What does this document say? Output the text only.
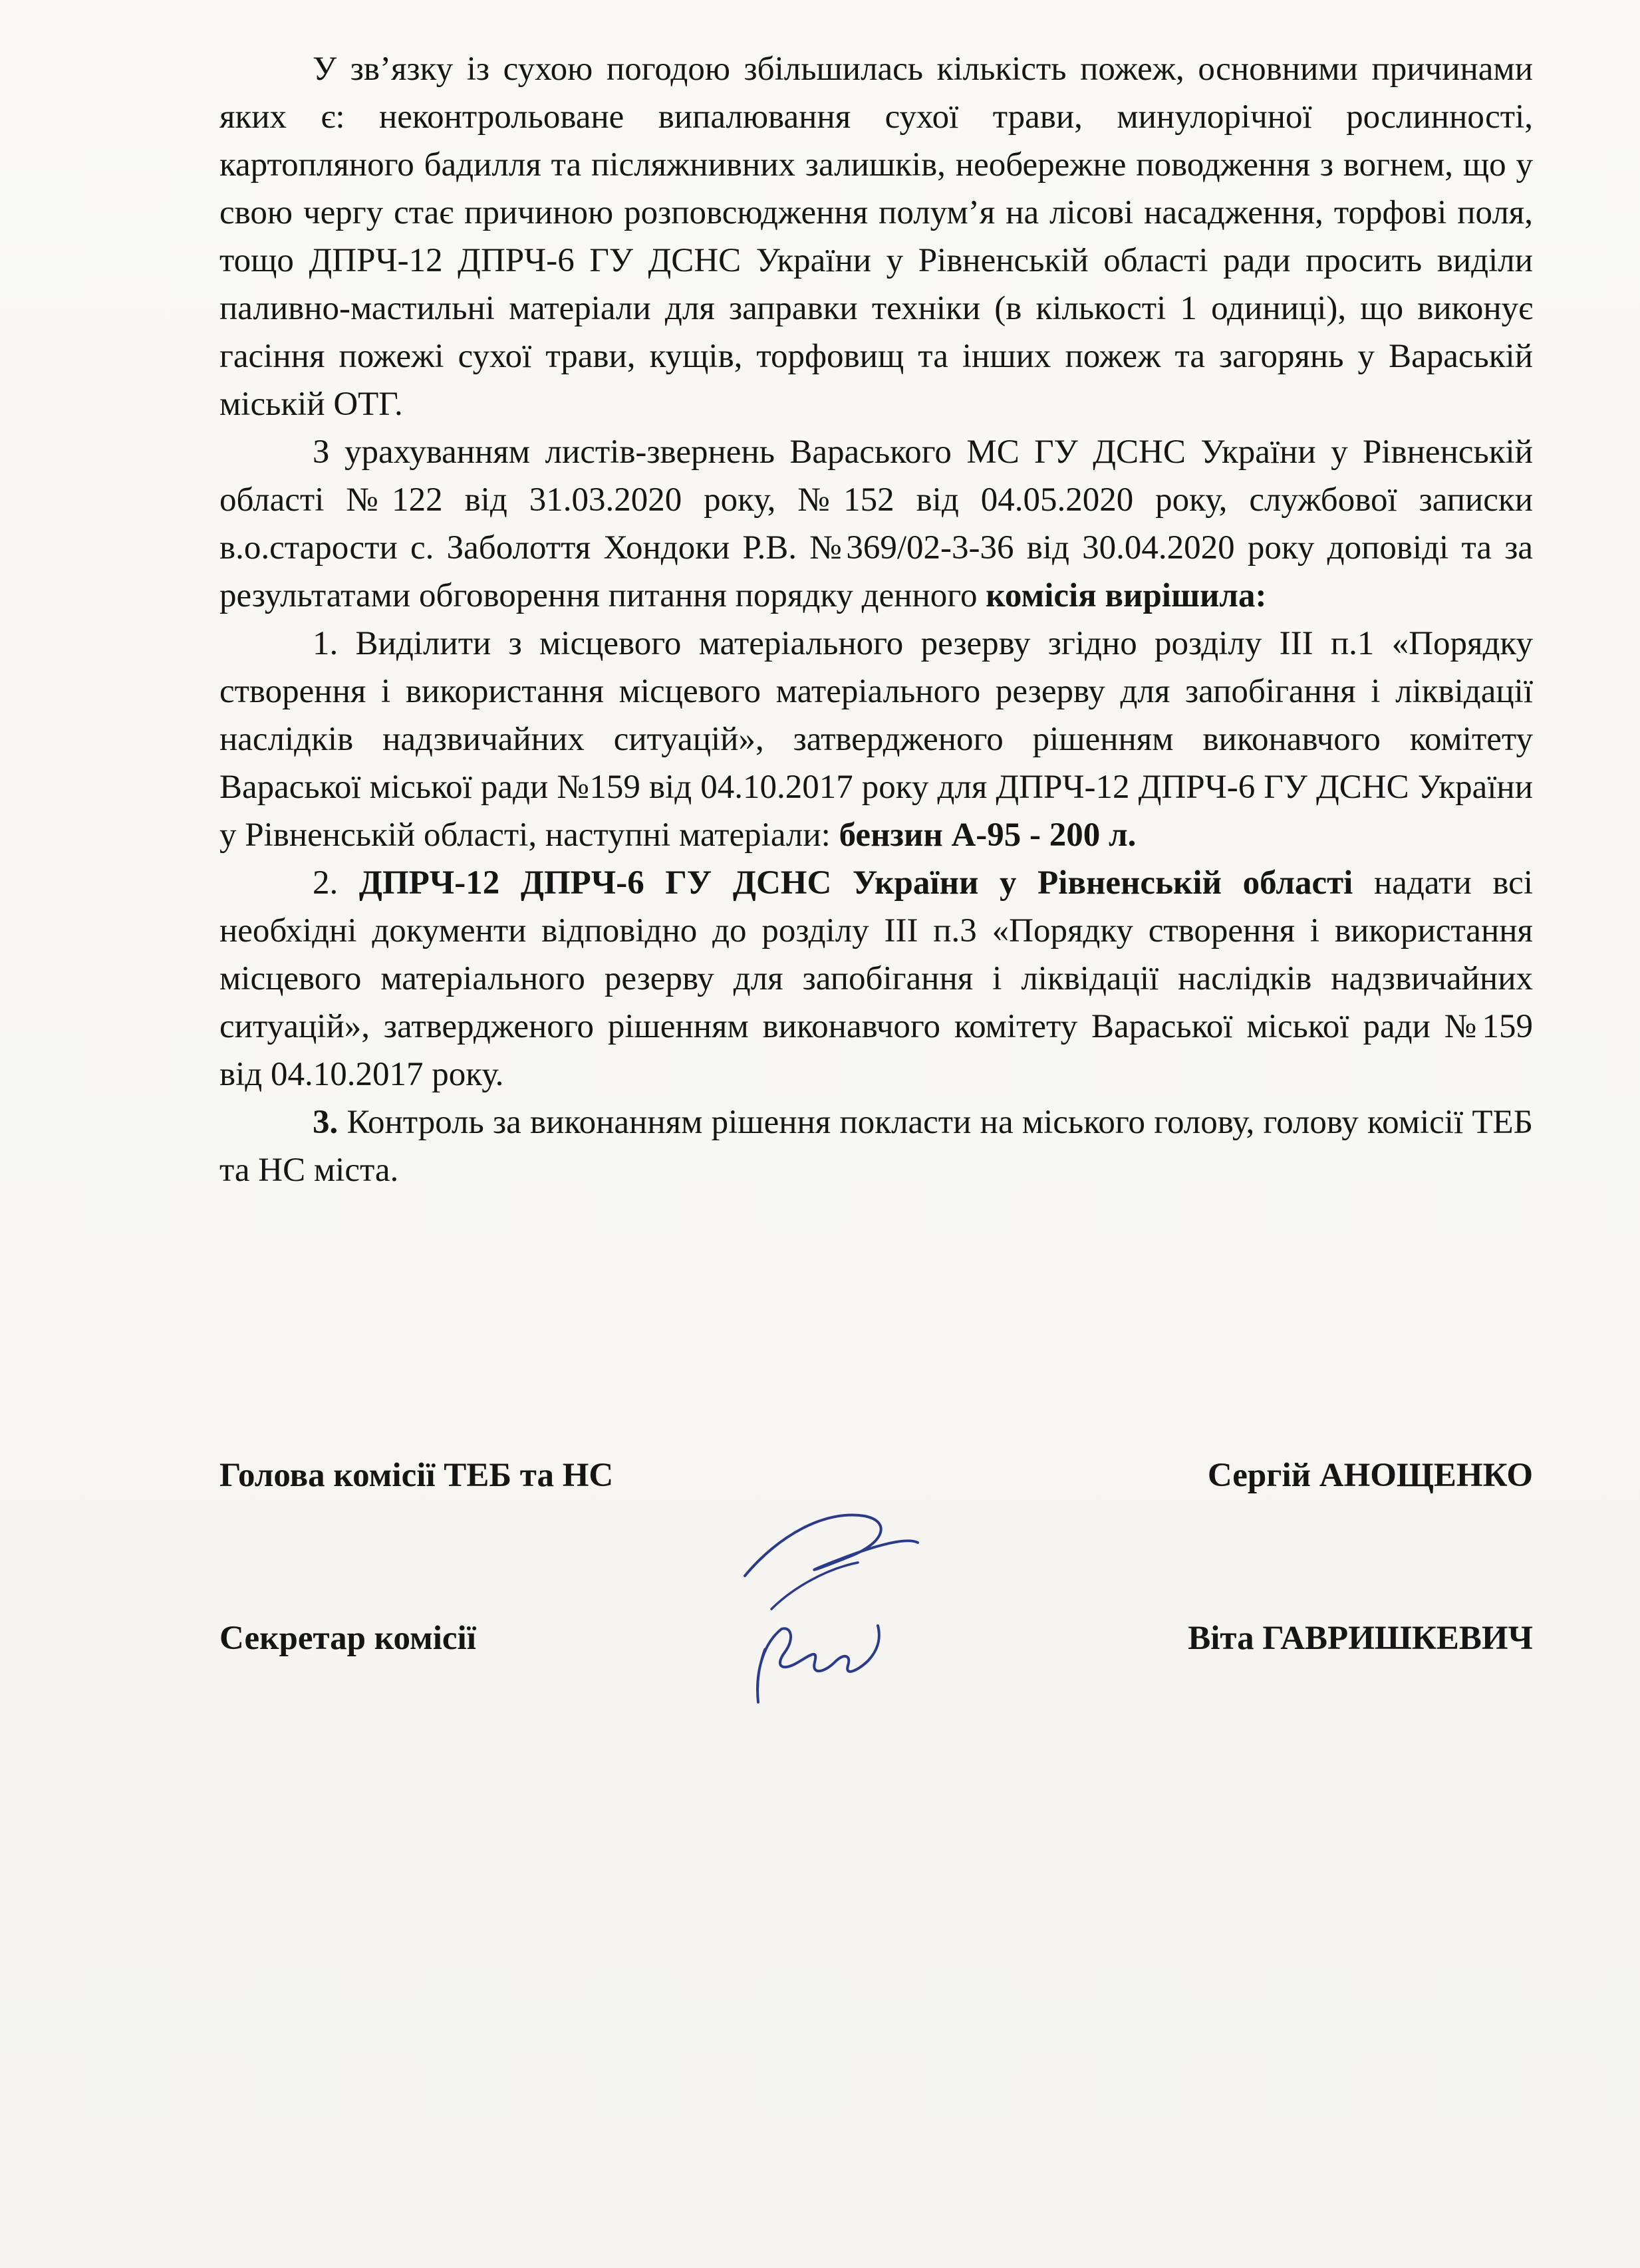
У зв’язку із сухою погодою збільшилась кількість пожеж, основними причинами яких є: неконтрольоване випалювання сухої трави, минулорічної рослинності, картопляного бадилля та післяжнивних залишків, необережне поводження з вогнем, що у свою чергу стає причиною розповсюдження полум’я на лісові насадження, торфові поля, тощо ДПРЧ-12 ДПРЧ-6 ГУ ДСНС України у Рівненській області ради просить виділи паливно-мастильні матеріали для заправки техніки (в кількості 1 одиниці), що виконує гасіння пожежі сухої трави, кущів, торфовищ та інших пожеж та загорянь у Вараській міській ОТГ.

З урахуванням листів-звернень Вараського МС ГУ ДСНС України у Рівненській області №122 від 31.03.2020 року, №152 від 04.05.2020 року, службової записки в.о.старости с. Заболоття Хондоки Р.В. №369/02-3-36 від 30.04.2020 року доповіді та за результатами обговорення питання порядку денного комісія вирішила:

1. Виділити з місцевого матеріального резерву згідно розділу ІІІ п.1 «Порядку створення і використання місцевого матеріального резерву для запобігання і ліквідації наслідків надзвичайних ситуацій», затвердженого рішенням виконавчого комітету Вараської міської ради №159 від 04.10.2017 року для ДПРЧ-12 ДПРЧ-6 ГУ ДСНС України у Рівненській області, наступні матеріали: бензин А-95 - 200 л.

2. ДПРЧ-12 ДПРЧ-6 ГУ ДСНС України у Рівненській області надати всі необхідні документи відповідно до розділу ІІІ п.3 «Порядку створення і використання місцевого матеріального резерву для запобігання і ліквідації наслідків надзвичайних ситуацій», затвердженого рішенням виконавчого комітету Вараської міської ради №159 від 04.10.2017 року.

3. Контроль за виконанням рішення покласти на міського голову, голову комісії ТЕБ та НС міста.

Голова комісії ТЕБ та НС	Сергій АНОЩЕНКО
Секретар комісії	Віта ГАВРИШКЕВИЧ
